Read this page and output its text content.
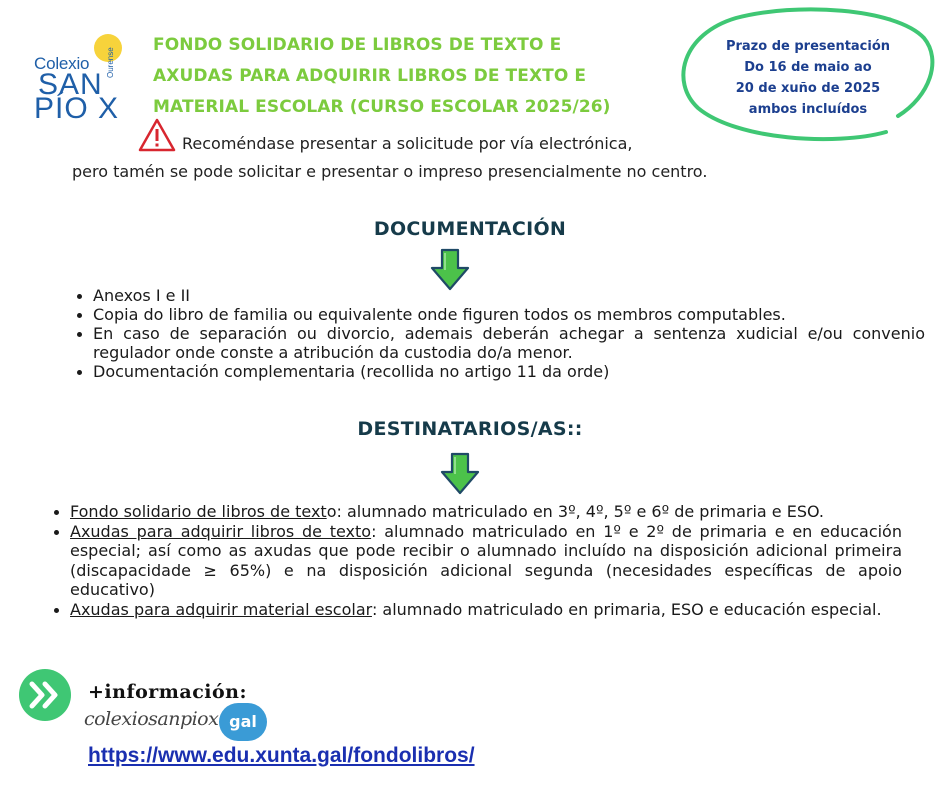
Colexio
SAN
PÍO X
Ourense
FONDO SOLIDARIO DE LIBROS DE TEXTO E
AXUDAS PARA ADQUIRIR LIBROS DE TEXTO E
MATERIAL ESCOLAR (CURSO ESCOLAR 2025/26)
Prazo de presentación
Do 16 de maio ao
20 de xuño de 2025
ambos incluídos
Recoméndase presentar a solicitude por vía electrónica,
pero tamén se pode solicitar e presentar o impreso presencialmente no centro.
DOCUMENTACIÓN
Anexos I e II
Copia do libro de familia ou equivalente onde figuren todos os membros computables.
En caso de separación ou divorcio, ademais deberán achegar a sentenza xudicial e/ou convenio regulador onde conste a atribución da custodia do/a menor.
Documentación complementaria (recollida no artigo 11 da orde)
DESTINATARIOS/AS::
Fondo solidario de libros de texto: alumnado matriculado en 3º, 4º, 5º e 6º de primaria e ESO.
Axudas para adquirir libros de texto: alumnado matriculado en 1º e 2º de primaria e en educación especial; así como as axudas que pode recibir o alumnado incluído na disposición adicional primeira (discapacidade ≥ 65%) e na disposición adicional segunda (necesidades específicas de apoio educativo)
Axudas para adquirir material escolar: alumnado matriculado en primaria, ESO e educación especial.
+información:
colexiosanpiox gal
https://www.edu.xunta.gal/fondolibros/
